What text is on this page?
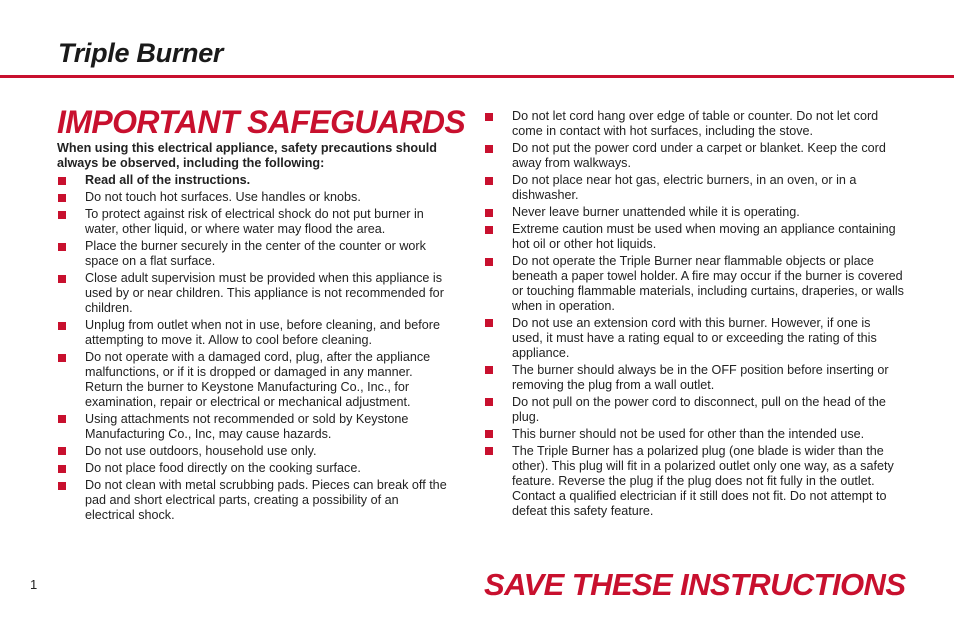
Triple Burner
IMPORTANT SAFEGUARDS
When using this electrical appliance, safety precautions should always be observed, including the following:
Read all of the instructions.
Do not touch hot surfaces. Use handles or knobs.
To protect against risk of electrical shock do not put burner in water, other liquid, or where water may flood the area.
Place the burner securely in the center of the counter or work space on a flat surface.
Close adult supervision must be provided when this appliance is used by or near children. This appliance is not recommended for children.
Unplug from outlet when not in use, before cleaning, and before attempting to move it. Allow to cool before cleaning.
Do not operate with a damaged cord, plug, after the appliance malfunctions, or if it is dropped or damaged in any manner. Return the burner to Keystone Manufacturing Co., Inc., for examination, repair or electrical or mechanical adjustment.
Using attachments not recommended or sold by Keystone Manufacturing Co., Inc, may cause hazards.
Do not use outdoors, household use only.
Do not place food directly on the cooking surface.
Do not clean with metal scrubbing pads. Pieces can break off the pad and short electrical parts, creating a possibility of an electrical shock.
Do not let cord hang over edge of table or counter. Do not let cord come in contact with hot surfaces, including the stove.
Do not put the power cord under a carpet or blanket. Keep the cord away from walkways.
Do not place near hot gas, electric burners, in an oven, or in a dishwasher.
Never leave burner unattended while it is operating.
Extreme caution must be used when moving an appliance containing hot oil or other hot liquids.
Do not operate the Triple Burner near flammable objects or place beneath a paper towel holder. A fire may occur if the burner is covered or touching flammable materials, including curtains, draperies, or walls when in operation.
Do not use an extension cord with this burner. However, if one is used, it must have a rating equal to or exceeding the rating of this appliance.
The burner should always be in the OFF position before inserting or removing the plug from a wall outlet.
Do not pull on the power cord to disconnect, pull on the head of the plug.
This burner should not be used for other than the intended use.
The Triple Burner has a polarized plug (one blade is wider than the other). This plug will fit in a polarized outlet only one way, as a safety feature. Reverse the plug if the plug does not fit fully in the outlet. Contact a qualified electrician if it still does not fit. Do not attempt to defeat this safety feature.
SAVE THESE INSTRUCTIONS
1
